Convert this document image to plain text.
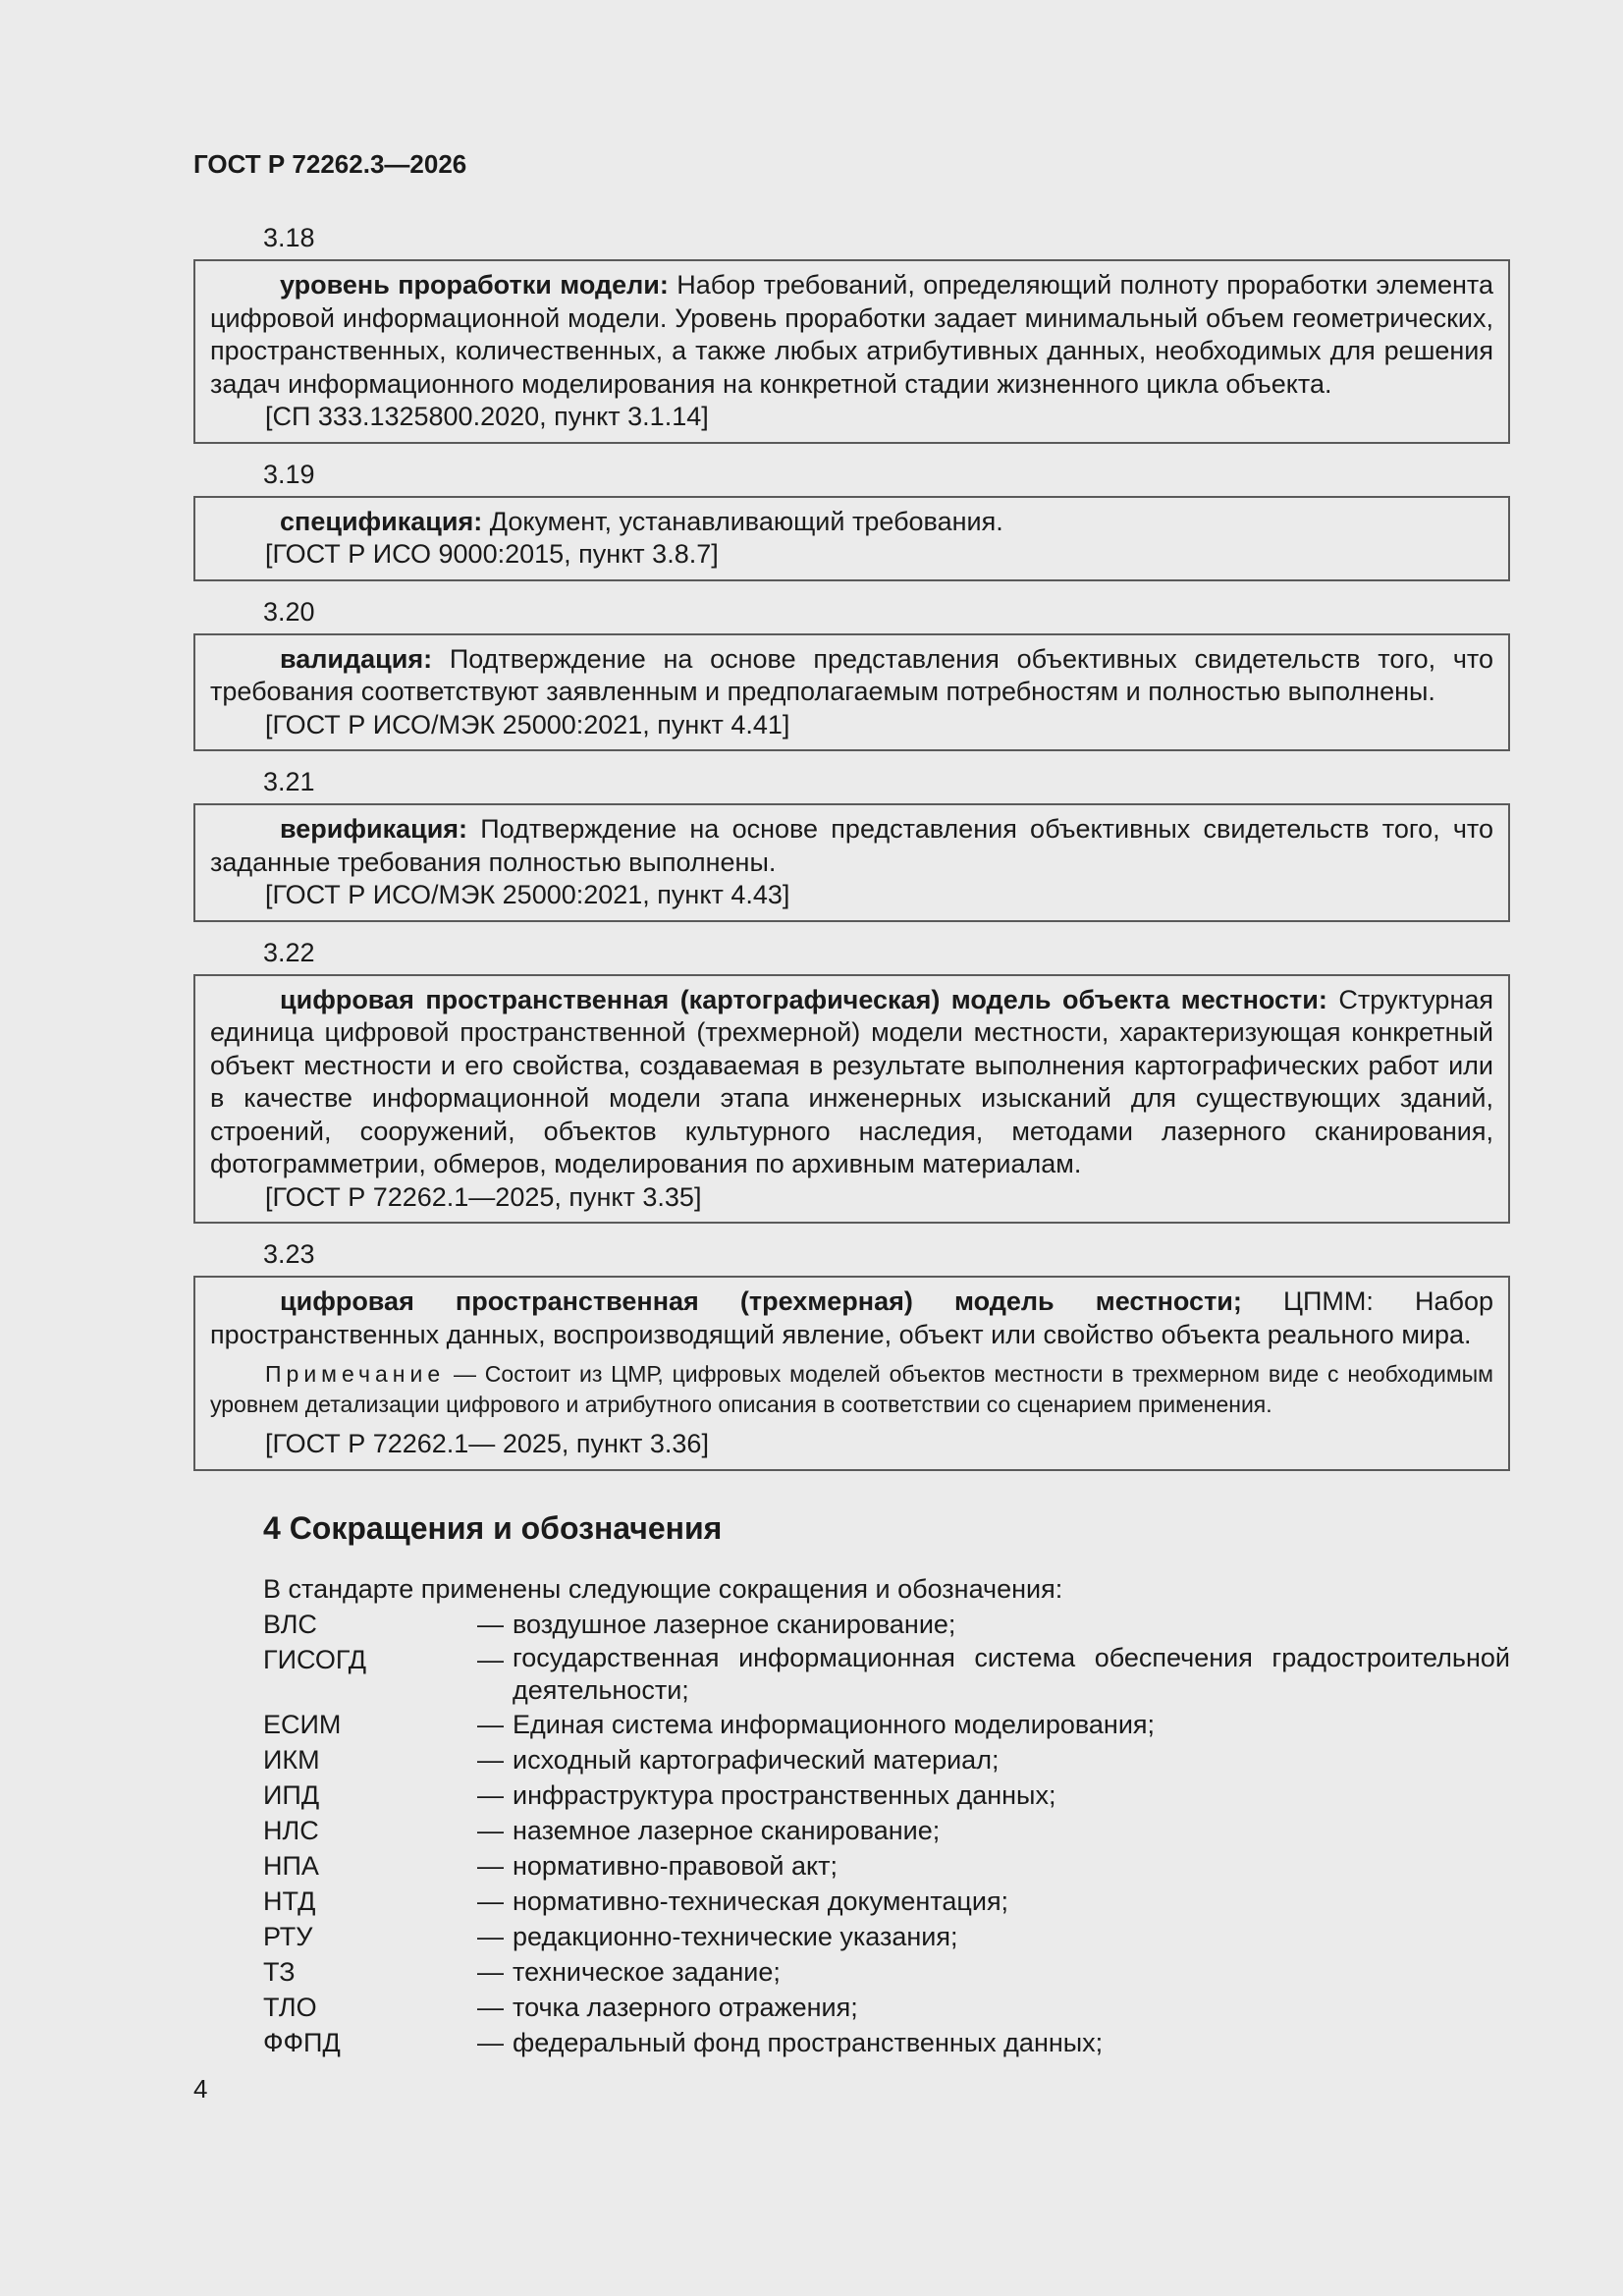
ГОСТ Р 72262.3—2026
3.18

уровень проработки модели: Набор требований, определяющий полноту проработки элемента цифровой информационной модели. Уровень проработки задает минимальный объем геометрических, пространственных, количественных, а также любых атрибутивных данных, необходимых для решения задач информационного моделирования на конкретной стадии жизненного цикла объекта.

[СП 333.1325800.2020, пункт 3.1.14]

3.19

спецификация: Документ, устанавливающий требования.

[ГОСТ Р ИСО 9000:2015, пункт 3.8.7]

3.20

валидация: Подтверждение на основе представления объективных свидетельств того, что требования соответствуют заявленным и предполагаемым потребностям и полностью выполнены.

[ГОСТ Р ИСО/МЭК 25000:2021, пункт 4.41]

3.21

верификация: Подтверждение на основе представления объективных свидетельств того, что заданные требования полностью выполнены.

[ГОСТ Р ИСО/МЭК 25000:2021, пункт 4.43]

3.22

цифровая пространственная (картографическая) модель объекта местности: Структурная единица цифровой пространственной (трехмерной) модели местности, характеризующая конкретный объект местности и его свойства, создаваемая в результате выполнения картографических работ или в качестве информационной модели этапа инженерных изысканий для существующих зданий, строений, сооружений, объектов культурного наследия, методами лазерного сканирования, фотограмметрии, обмеров, моделирования по архивным материалам.

[ГОСТ Р 72262.1—2025, пункт 3.35]

3.23

цифровая пространственная (трехмерная) модель местности; ЦПММ: Набор пространственных данных, воспроизводящий явление, объект или свойство объекта реального мира.

Примечание — Состоит из ЦМР, цифровых моделей объектов местности в трехмерном виде с необходимым уровнем детализации цифрового и атрибутного описания в соответствии со сценарием применения.

[ГОСТ Р 72262.1— 2025, пункт 3.36]

4 Сокращения и обозначения

В стандарте применены следующие сокращения и обозначения:

ВЛС	— воздушное лазерное сканирование;
ГИСОГД	— государственная информационная система обеспечения градостроительной деятельности;
ЕСИМ	— Единая система информационного моделирования;
ИКМ	— исходный картографический материал;
ИПД	— инфраструктура пространственных данных;
НЛС	— наземное лазерное сканирование;
НПА	— нормативно-правовой акт;
НТД	— нормативно-техническая документация;
РТУ	— редакционно-технические указания;
ТЗ	— техническое задание;
ТЛО	— точка лазерного отражения;
ФФПД	— федеральный фонд пространственных данных;
4
